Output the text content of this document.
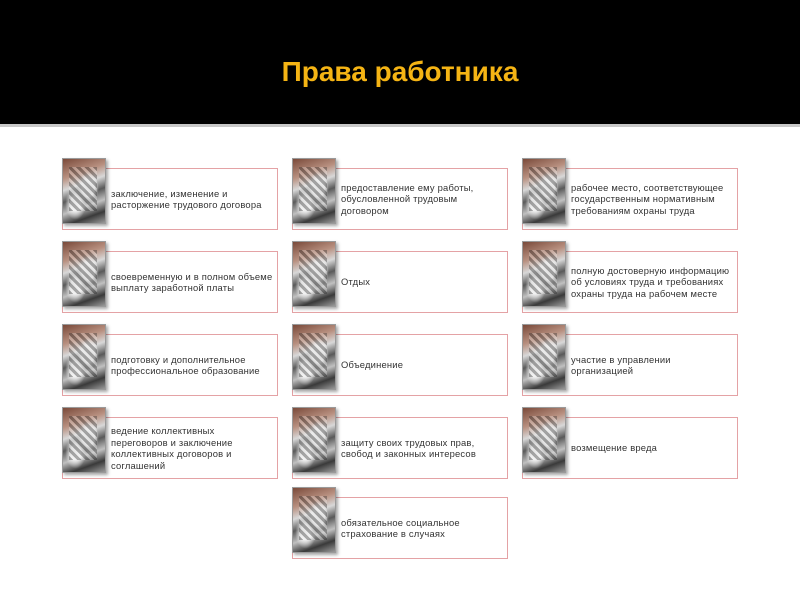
Права работника
заключение, изменение и расторжение трудового договора
своевременную и в полном объеме выплату заработной платы
подготовку и дополнительное профессиональное образование
ведение коллективных переговоров и заключение коллективных договоров и соглашений
предоставление ему работы, обусловленной трудовым договором
Отдых
Объединение
защиту своих трудовых прав, свобод и законных интересов
обязательное социальное страхование в случаях
рабочее место, соответствующее государственным нормативным требованиям охраны труда
полную достоверную информацию об условиях труда и требованиях охраны труда на рабочем месте
участие в управлении организацией
возмещение вреда
